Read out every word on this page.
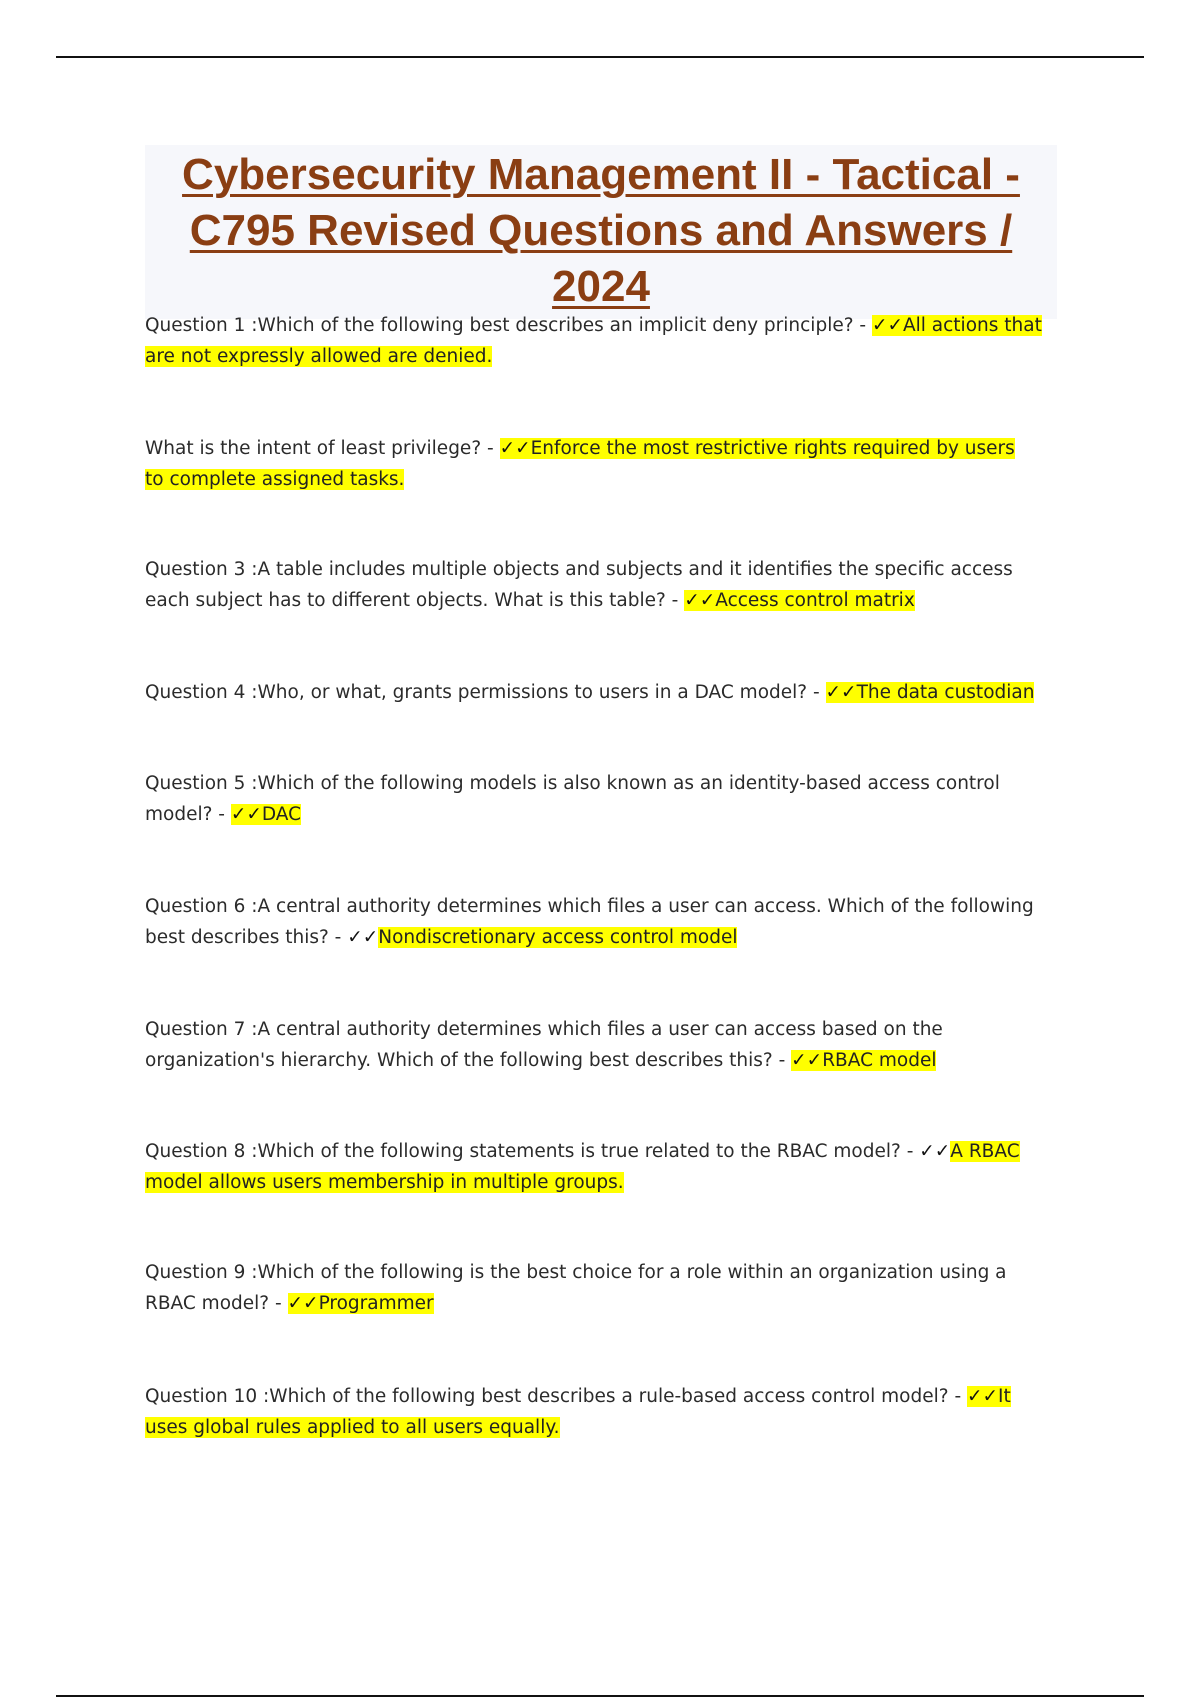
Cybersecurity Management II - Tactical - C795 Revised Questions and Answers / 2024

Question 1 :Which of the following best describes an implicit deny principle? - ✓✓All actions that are not expressly allowed are denied.

What is the intent of least privilege? - ✓✓Enforce the most restrictive rights required by users to complete assigned tasks.

Question 3 :A table includes multiple objects and subjects and it identifies the specific access each subject has to different objects. What is this table? - ✓✓Access control matrix

Question 4 :Who, or what, grants permissions to users in a DAC model? - ✓✓The data custodian

Question 5 :Which of the following models is also known as an identity-based access control model? - ✓✓DAC

Question 6 :A central authority determines which files a user can access. Which of the following best describes this? - ✓✓Nondiscretionary access control model

Question 7 :A central authority determines which files a user can access based on the organization's hierarchy. Which of the following best describes this? - ✓✓RBAC model

Question 8 :Which of the following statements is true related to the RBAC model? - ✓✓A RBAC model allows users membership in multiple groups.

Question 9 :Which of the following is the best choice for a role within an organization using a RBAC model? - ✓✓Programmer

Question 10 :Which of the following best describes a rule-based access control model? - ✓✓It uses global rules applied to all users equally.
